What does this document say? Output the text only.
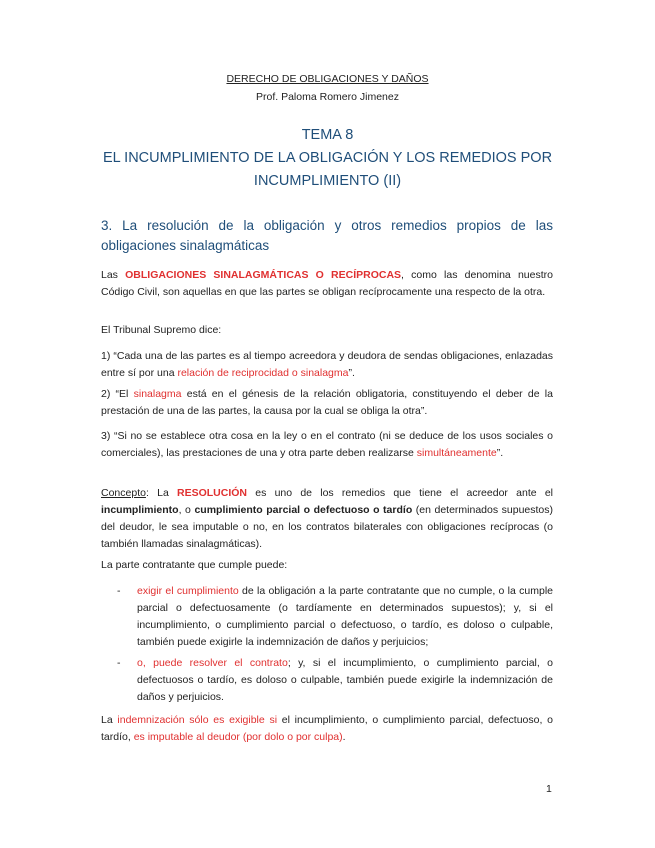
DERECHO DE OBLIGACIONES Y DAÑOS
Prof. Paloma Romero Jimenez
TEMA 8
EL INCUMPLIMIENTO DE LA OBLIGACIÓN Y LOS REMEDIOS POR
INCUMPLIMIENTO (II)
3. La resolución de la obligación y otros remedios propios de las obligaciones sinalagmáticas

Las OBLIGACIONES SINALAGMÁTICAS O RECÍPROCAS, como las denomina nuestro Código Civil, son aquellas en que las partes se obligan recíprocamente una respecto de la otra.

El Tribunal Supremo dice:

1) “Cada una de las partes es al tiempo acreedora y deudora de sendas obligaciones, enlazadas entre sí por una relación de reciprocidad o sinalagma”.

2) “El sinalagma está en el génesis de la relación obligatoria, constituyendo el deber de la prestación de una de las partes, la causa por la cual se obliga la otra”.

3) “Si no se establece otra cosa en la ley o en el contrato (ni se deduce de los usos sociales o comerciales), las prestaciones de una y otra parte deben realizarse simultáneamente”.

Concepto: La RESOLUCIÓN es uno de los remedios que tiene el acreedor ante el incumplimiento, o cumplimiento parcial o defectuoso o tardío (en determinados supuestos) del deudor, le sea imputable o no, en los contratos bilaterales con obligaciones recíprocas (o también llamadas sinalagmáticas).

La parte contratante que cumple puede:

- exigir el cumplimiento de la obligación a la parte contratante que no cumple, o la cumple parcial o defectuosamente (o tardíamente en determinados supuestos); y, si el incumplimiento, o cumplimiento parcial o defectuoso, o tardío, es doloso o culpable, también puede exigirle la indemnización de daños y perjuicios;
- o, puede resolver el contrato; y, si el incumplimiento, o cumplimiento parcial, o defectuosos o tardío, es doloso o culpable, también puede exigirle la indemnización de daños y perjuicios.

La indemnización sólo es exigible si el incumplimiento, o cumplimiento parcial, defectuoso, o tardío, es imputable al deudor (por dolo o por culpa).

1
